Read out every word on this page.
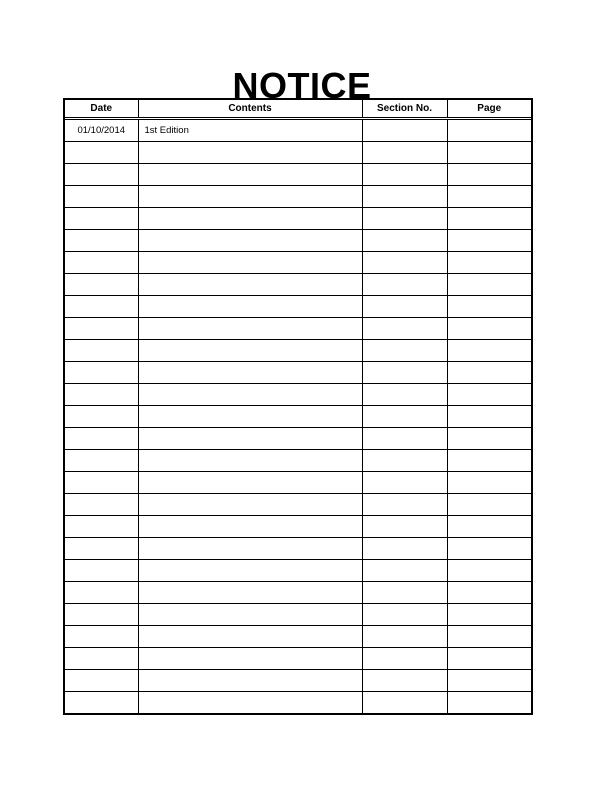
NOTICE
Date	Contents	Section No.	Page
01/10/2014	1st Edition		
